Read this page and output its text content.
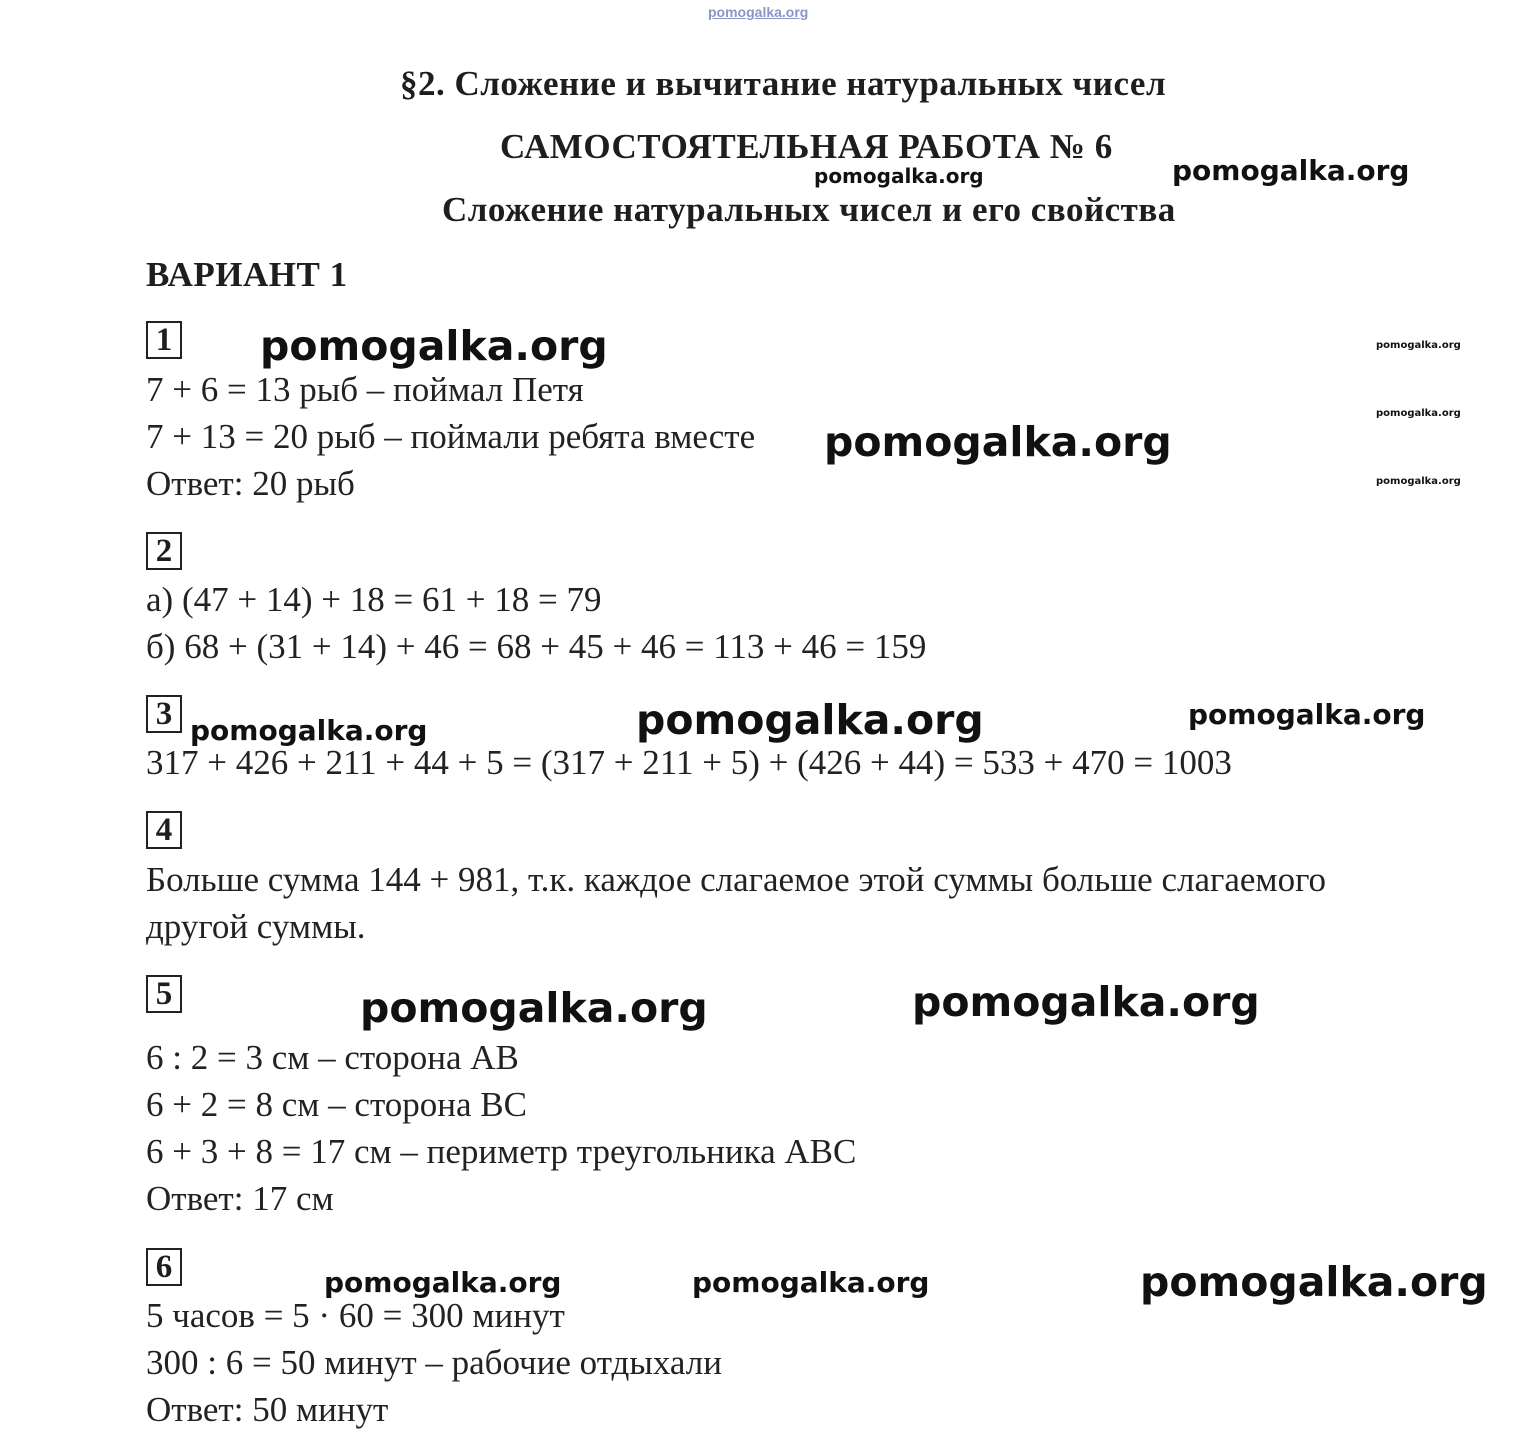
pomogalka.org
§2. Сложение и вычитание натуральных чисел
САМОСТОЯТЕЛЬНАЯ РАБОТА № 6
Сложение натуральных чисел и его свойства
ВАРИАНТ 1
1
7 + 6 = 13 рыб – поймал Петя
7 + 13 = 20 рыб – поймали ребята вместе
Ответ: 20 рыб
2
а) (47 + 14) + 18 = 61 + 18 = 79
б) 68 + (31 + 14) + 46 = 68 + 45 + 46 = 113 + 46 = 159
3
317 + 426 + 211 + 44 + 5 = (317 + 211 + 5) + (426 + 44) = 533 + 470 = 1003
4
Больше сумма 144 + 981, т.к. каждое слагаемое этой суммы больше слагаемого
другой суммы.
5
6 : 2 = 3 см – сторона АВ
6 + 2 = 8 см – сторона ВС
6 + 3 + 8 = 17 см – периметр треугольника АВС
Ответ: 17 см
6
5 часов = 5 · 60 = 300 минут
300 : 6 = 50 минут – рабочие отдыхали
Ответ: 50 минут
pomogalka.org	pomogalka.org
pomogalka.org	pomogalka.org
pomogalka.org
pomogalka.org
pomogalka.org
pomogalka.org	pomogalka.org	pomogalka.org
pomogalka.org	pomogalka.org
pomogalka.org	pomogalka.org	pomogalka.org
